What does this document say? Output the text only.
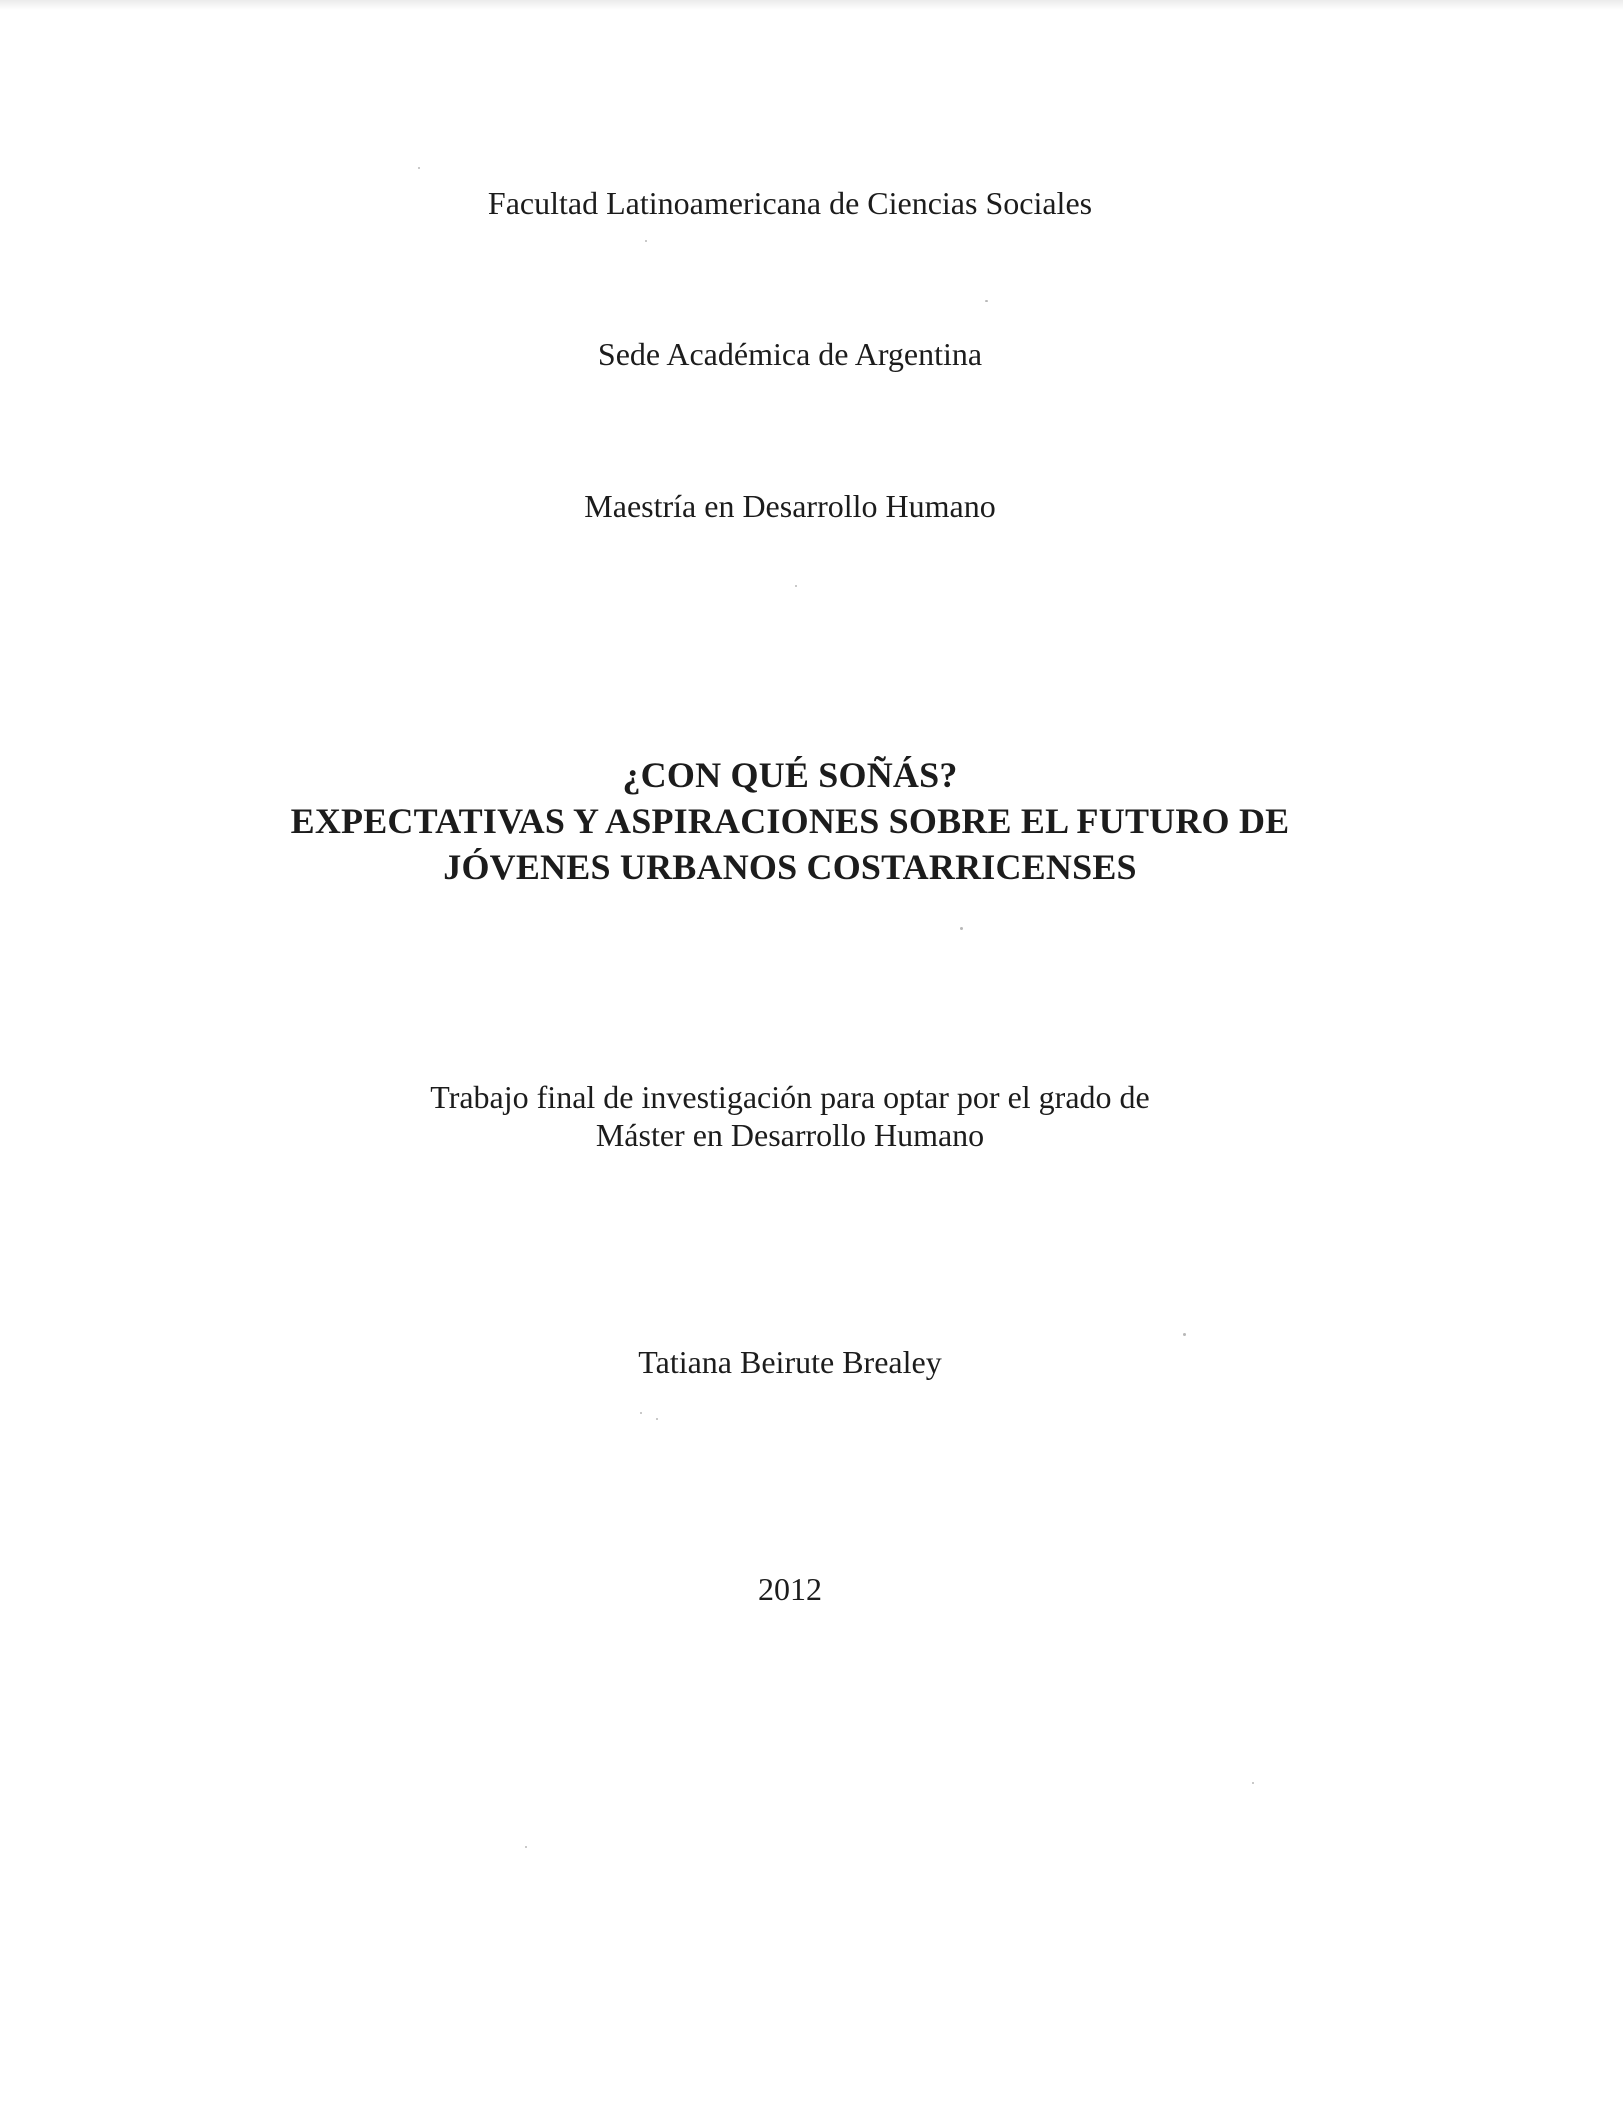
Facultad Latinoamericana de Ciencias Sociales
Sede Académica de Argentina
Maestría en Desarrollo Humano
¿CON QUÉ SOÑÁS?
EXPECTATIVAS Y ASPIRACIONES SOBRE EL FUTURO DE
JÓVENES URBANOS COSTARRICENSES
Trabajo final de investigación para optar por el grado de
Máster en Desarrollo Humano
Tatiana Beirute Brealey
2012
